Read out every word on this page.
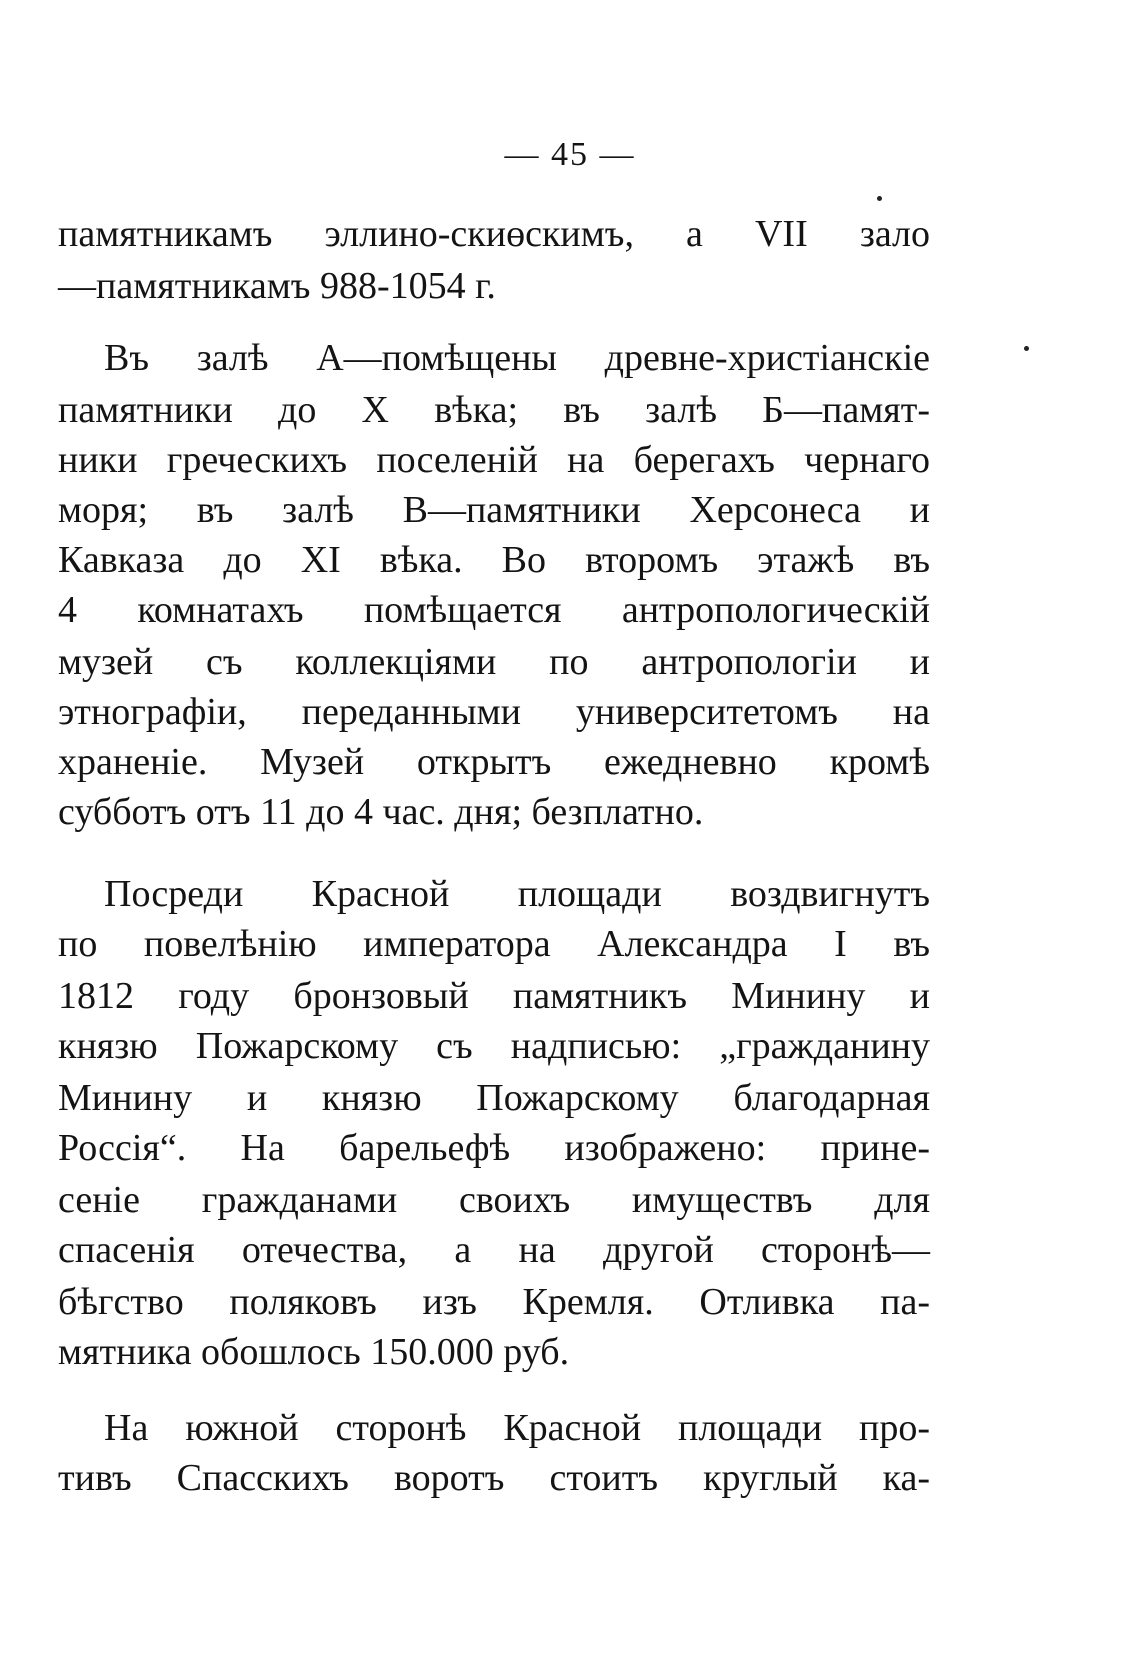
— 45 —
памятникамъ эллино-скиөскимъ, а VII зало
—памятникамъ 988-1054 г.
Въ залѣ А—помѣщены древне-христіанскіе
памятники до X вѣка; въ залѣ Б—памят-
ники греческихъ поселеній на берегахъ чернаго
моря; въ залѣ В—памятники Херсонеса и
Кавказа до XI вѣка. Во второмъ этажѣ въ
4 комнатахъ помѣщается антропологическій
музей съ коллекціями по антропологіи и
этнографіи, переданными университетомъ на
храненіе. Музей открытъ ежедневно кромѣ
субботъ отъ 11 до 4 час. дня; безплатно.
Посреди Красной площади воздвигнутъ
по повелѣнію императора Александра I въ
1812 году бронзовый памятникъ Минину и
князю Пожарскому съ надписью: „гражданину
Минину и князю Пожарскому благодарная
Россія“. На барельефѣ изображено: прине-
сеніе гражданами своихъ имуществъ для
спасенія отечества, а на другой сторонѣ—
бѣгство поляковъ изъ Кремля. Отливка па-
мятника обошлось 150.000 руб.
На южной сторонѣ Красной площади про-
тивъ Спасскихъ воротъ стоитъ круглый ка-
